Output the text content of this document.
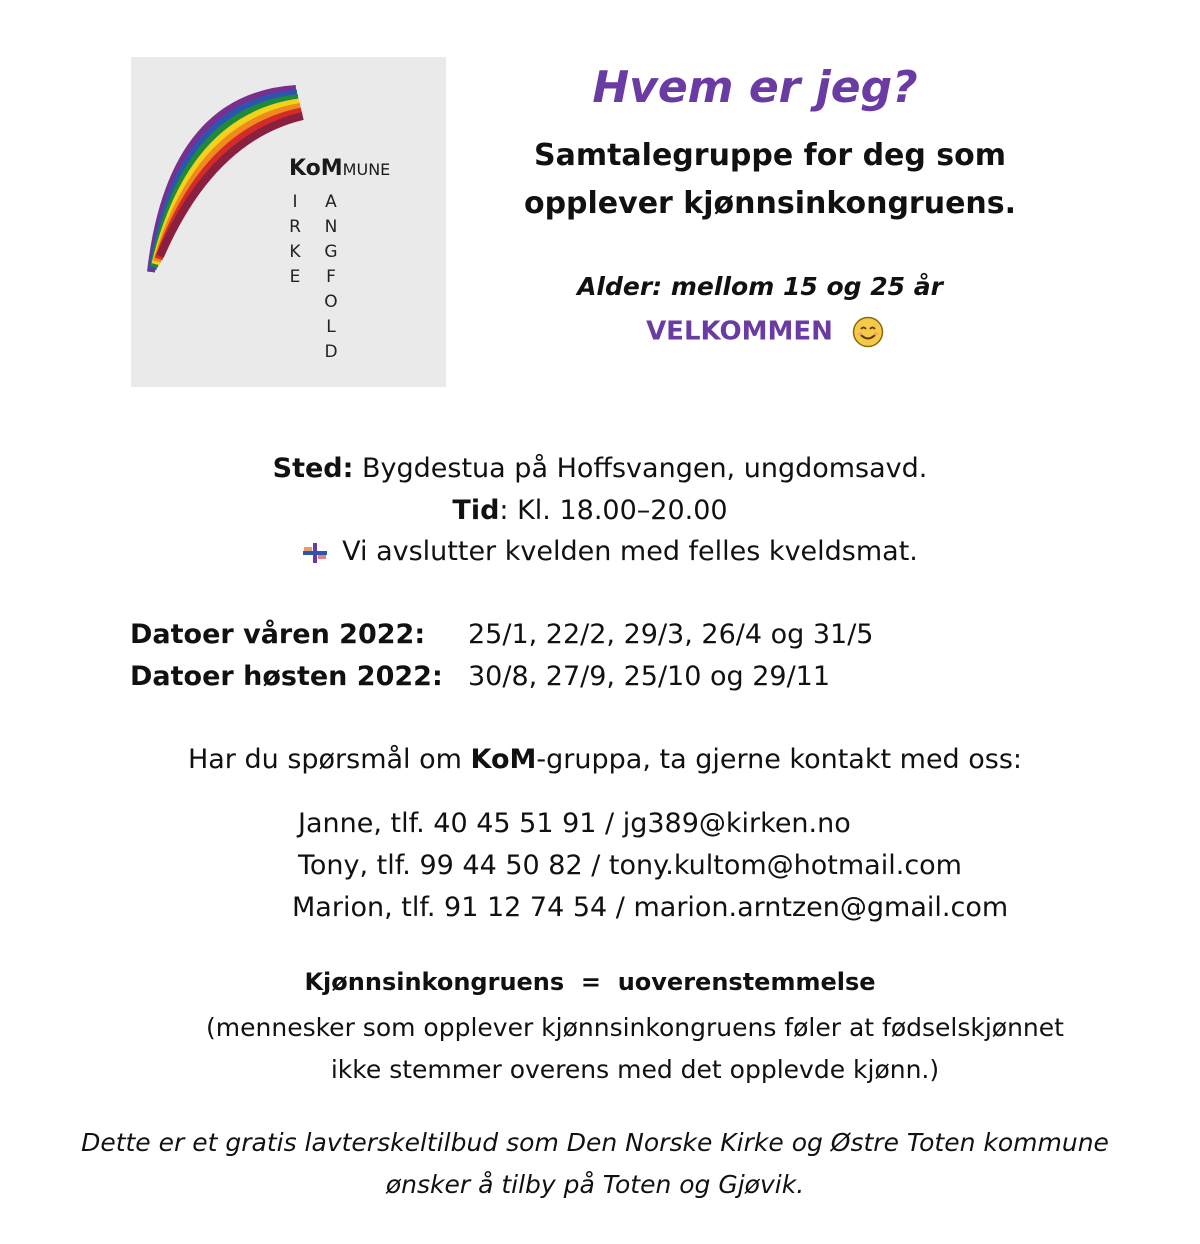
KoMMUNE
I
R
K
E
A
N
G
F
O
L
D
Hvem er jeg?
Samtalegruppe for deg som
opplever kjønnsinkongruens.
Alder: mellom 15 og 25 år
VELKOMMEN
Sted: Bygdestua på Hoffsvangen, ungdomsavd.
Tid: Kl. 18.00–20.00
Vi avslutter kvelden med felles kveldsmat.
Datoer våren 2022: 25/1, 22/2, 29/3, 26/4 og 31/5
Datoer høsten 2022: 30/8, 27/9, 25/10 og 29/11
Har du spørsmål om KoM-gruppa, ta gjerne kontakt med oss:
Janne, tlf. 40 45 51 91 / jg389@kirken.no
Tony, tlf. 99 44 50 82 / tony.kultom@hotmail.com
Marion, tlf. 91 12 74 54 / marion.arntzen@gmail.com
Kjønnsinkongruens  =  uoverenstemmelse
(mennesker som opplever kjønnsinkongruens føler at fødselskjønnet
ikke stemmer overens med det opplevde kjønn.)
Dette er et gratis lavterskeltilbud som Den Norske Kirke og Østre Toten kommune
ønsker å tilby på Toten og Gjøvik.
